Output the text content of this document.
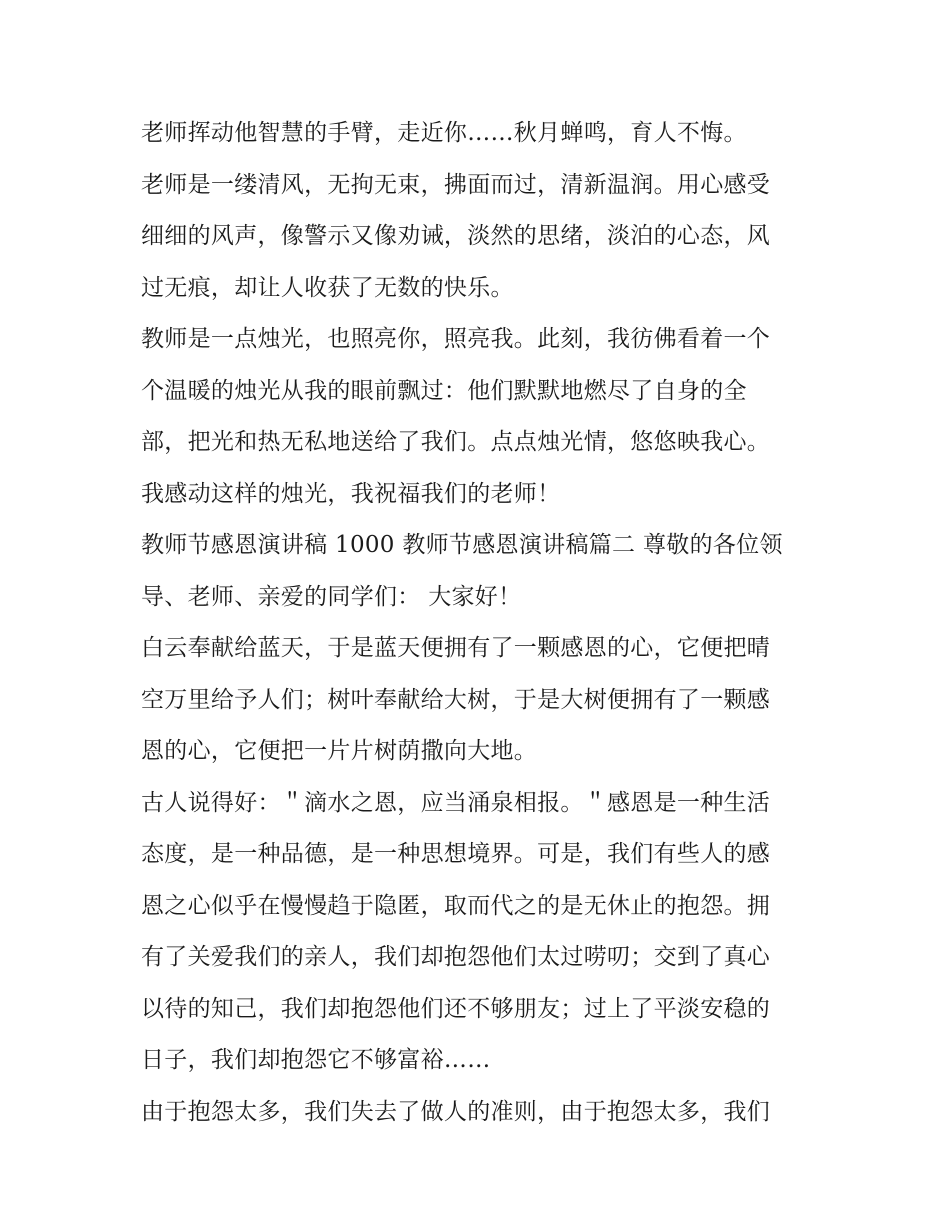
老师挥动他智慧的手臂，走近你……秋月蝉鸣，育人不悔。
老师是一缕清风，无拘无束，拂面而过，清新温润。用心感受
细细的风声，像警示又像劝诫，淡然的思绪，淡泊的心态，风
过无痕，却让人收获了无数的快乐。
教师是一点烛光，也照亮你，照亮我。此刻，我彷佛看着一个
个温暖的烛光从我的眼前飘过：他们默默地燃尽了自身的全
部，把光和热无私地送给了我们。点点烛光情，悠悠映我心。
我感动这样的烛光，我祝福我们的老师！
教师节感恩演讲稿 1000 教师节感恩演讲稿篇二 尊敬的各位领
导、老师、亲爱的同学们： 大家好！
白云奉献给蓝天，于是蓝天便拥有了一颗感恩的心，它便把晴
空万里给予人们；树叶奉献给大树，于是大树便拥有了一颗感
恩的心，它便把一片片树荫撒向大地。
古人说得好：＂滴水之恩，应当涌泉相报。＂感恩是一种生活
态度，是一种品德，是一种思想境界。可是，我们有些人的感
恩之心似乎在慢慢趋于隐匿，取而代之的是无休止的抱怨。拥
有了关爱我们的亲人，我们却抱怨他们太过唠叨；交到了真心
以待的知己，我们却抱怨他们还不够朋友；过上了平淡安稳的
日子，我们却抱怨它不够富裕……
由于抱怨太多，我们失去了做人的准则，由于抱怨太多，我们
